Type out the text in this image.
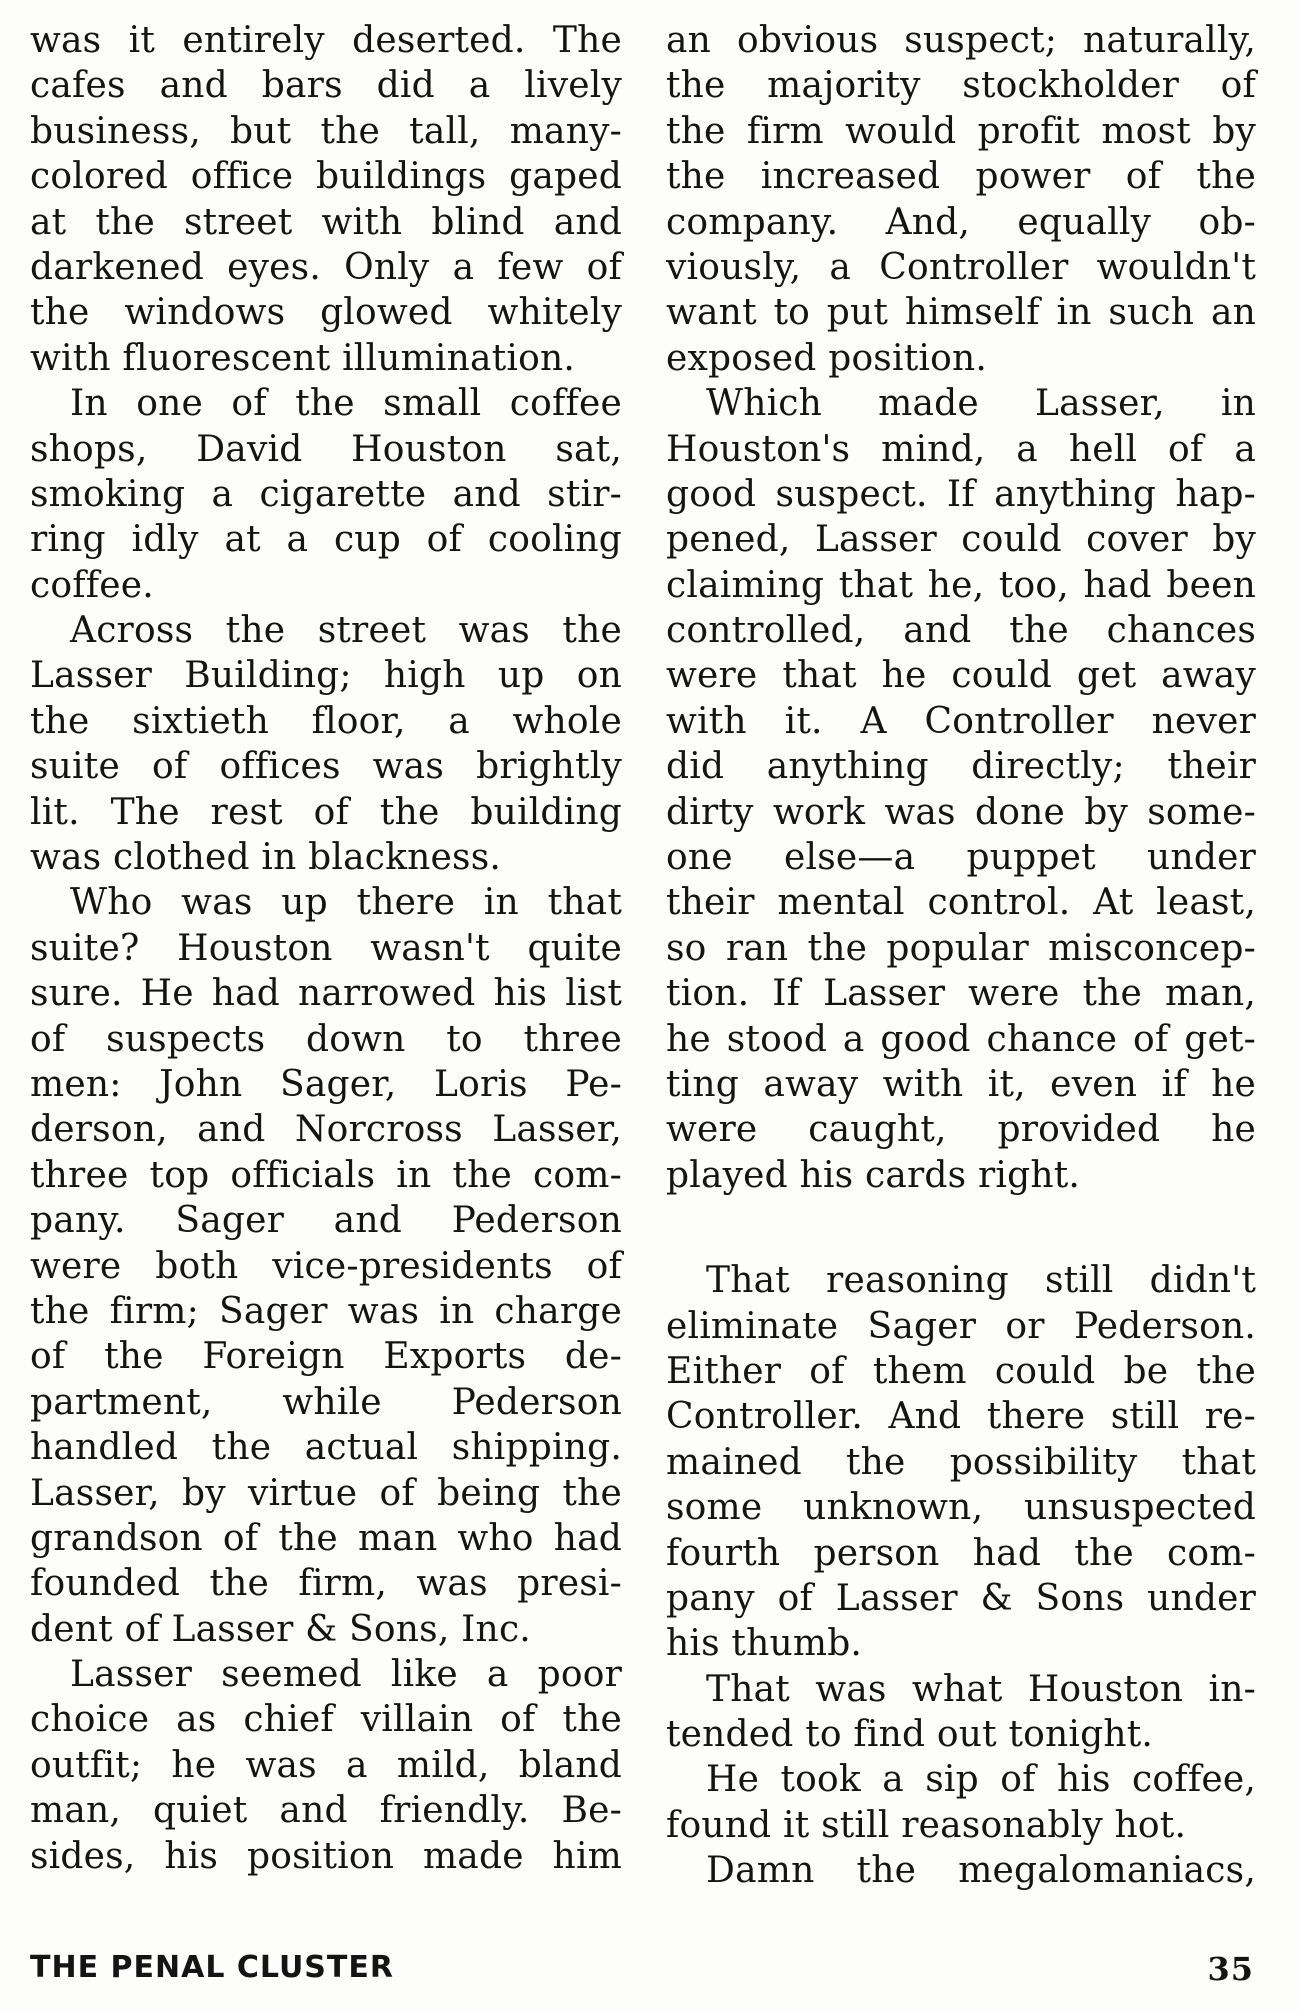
was it entirely deserted. The
cafes and bars did a lively
business, but the tall, many-
colored office buildings gaped
at the street with blind and
darkened eyes. Only a few of
the windows glowed whitely
with fluorescent illumination.
In one of the small coffee
shops, David Houston sat,
smoking a cigarette and stir-
ring idly at a cup of cooling
coffee.
Across the street was the
Lasser Building; high up on
the sixtieth floor, a whole
suite of offices was brightly
lit. The rest of the building
was clothed in blackness.
Who was up there in that
suite? Houston wasn't quite
sure. He had narrowed his list
of suspects down to three
men: John Sager, Loris Pe-
derson, and Norcross Lasser,
three top officials in the com-
pany. Sager and Pederson
were both vice-presidents of
the firm; Sager was in charge
of the Foreign Exports de-
partment, while Pederson
handled the actual shipping.
Lasser, by virtue of being the
grandson of the man who had
founded the firm, was presi-
dent of Lasser & Sons, Inc.
Lasser seemed like a poor
choice as chief villain of the
outfit; he was a mild, bland
man, quiet and friendly. Be-
sides, his position made him
an obvious suspect; naturally,
the majority stockholder of
the firm would profit most by
the increased power of the
company. And, equally ob-
viously, a Controller wouldn't
want to put himself in such an
exposed position.
Which made Lasser, in
Houston's mind, a hell of a
good suspect. If anything hap-
pened, Lasser could cover by
claiming that he, too, had been
controlled, and the chances
were that he could get away
with it. A Controller never
did anything directly; their
dirty work was done by some-
one else—a puppet under
their mental control. At least,
so ran the popular misconcep-
tion. If Lasser were the man,
he stood a good chance of get-
ting away with it, even if he
were caught, provided he
played his cards right.
That reasoning still didn't
eliminate Sager or Pederson.
Either of them could be the
Controller. And there still re-
mained the possibility that
some unknown, unsuspected
fourth person had the com-
pany of Lasser & Sons under
his thumb.
That was what Houston in-
tended to find out tonight.
He took a sip of his coffee,
found it still reasonably hot.
Damn the megalomaniacs,
THE PENAL CLUSTER	35
